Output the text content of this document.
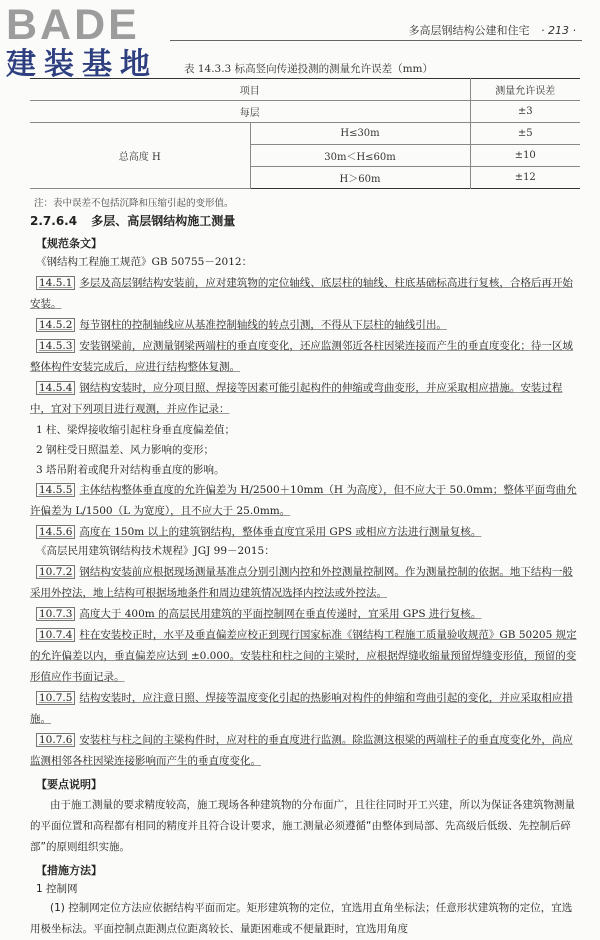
BADE
建装基地
多高层钢结构公建和住宅 · 213 ·
表 14.3.3 标高竖向传递投测的测量允许误差（mm）
项目		测量允许误差
每层		±3
总高度 H	H≤30m	±5
	30m＜H≤60m	±10
	H＞60m	±12
注：表中误差不包括沉降和压缩引起的变形值。
2.7.6.4 多层、高层钢结构施工测量
【规范条文】
《钢结构工程施工规范》GB 50755－2012：

14.5.1 多层及高层钢结构安装前，应对建筑物的定位轴线、底层柱的轴线、柱底基础标高进行复核，合格后再开始安装。

14.5.2 每节钢柱的控制轴线应从基准控制轴线的转点引测，不得从下层柱的轴线引出。

14.5.3 安装钢梁前，应测量钢梁两端柱的垂直度变化，还应监测邻近各柱因梁连接而产生的垂直度变化；待一区域整体构件安装完成后，应进行结构整体复测。

14.5.4 钢结构安装时，应分项目照、焊接等因素可能引起构件的伸缩或弯曲变形，并应采取相应措施。安装过程中，宜对下列项目进行观测，并应作记录：

1 柱、梁焊接收缩引起柱身垂直度偏差值；
2 钢柱受日照温差、风力影响的变形；
3 塔吊附着或爬升对结构垂直度的影响。

14.5.5 主体结构整体垂直度的允许偏差为 H/2500＋10mm（H 为高度），但不应大于 50.0mm；整体平面弯曲允许偏差为 L/1500（L 为宽度），且不应大于 25.0mm。

14.5.6 高度在 150m 以上的建筑钢结构，整体垂直度宜采用 GPS 或相应方法进行测量复核。

《高层民用建筑钢结构技术规程》JGJ 99－2015：

10.7.2 钢结构安装前应根据现场测量基准点分别引测内控和外控测量控制网。作为测量控制的依据。地下结构一般采用外控法，地上结构可根据场地条件和周边建筑情况选择内控法或外控法。

10.7.3 高度大于 400m 的高层民用建筑的平面控制网在垂直传递时，宜采用 GPS 进行复核。

10.7.4 柱在安装校正时，水平及垂直偏差应校正到现行国家标准《钢结构工程施工质量验收规范》GB 50205 规定的允许偏差以内，垂直偏差应达到 ±0.000。安装柱和柱之间的主梁时，应根据焊缝收缩量预留焊缝变形值，预留的变形值应作书面记录。

10.7.5 结构安装时，应注意日照、焊接等温度变化引起的热影响对构件的伸缩和弯曲引起的变化，并应采取相应措施。

10.7.6 安装柱与柱之间的主梁构件时，应对柱的垂直度进行监测。除监测这根梁的两端柱子的垂直度变化外，尚应监测相邻各柱因梁连接影响而产生的垂直度变化。

【要点说明】

由于施工测量的要求精度较高，施工现场各种建筑物的分布面广，且往往同时开工兴建，所以为保证各建筑物测量的平面位置和高程都有相同的精度并且符合设计要求，施工测量必须遵循“由整体到局部、先高级后低级、先控制后碎部”的原则组织实施。

【措施方法】
1 控制网

(1) 控制网定位方法应依据结构平面而定。矩形建筑物的定位，宜选用直角坐标法；任意形状建筑物的定位，宜选用极坐标法。平面控制点距测点位距离较长、量距困难或不便量距时，宜选用角度
